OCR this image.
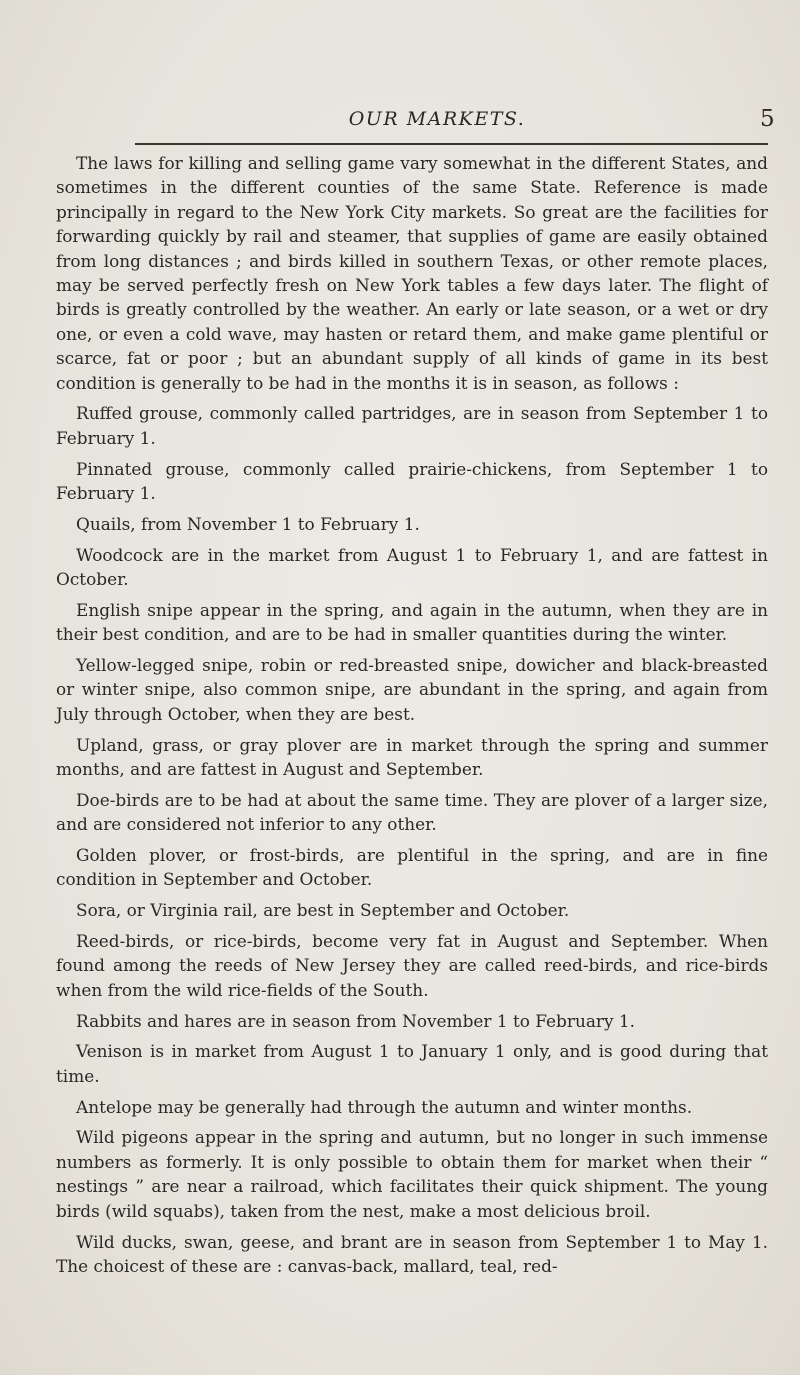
OUR MARKETS.	5

The laws for killing and selling game vary somewhat in the different States, and sometimes in the different counties of the same State. Reference is made principally in regard to the New York City markets. So great are the facilities for forwarding quickly by rail and steamer, that supplies of game are easily obtained from long distances ; and birds killed in southern Texas, or other remote places, may be served perfectly fresh on New York tables a few days later. The flight of birds is greatly controlled by the weather. An early or late season, or a wet or dry one, or even a cold wave, may hasten or retard them, and make game plentiful or scarce, fat or poor ; but an abundant supply of all kinds of game in its best condition is generally to be had in the months it is in season, as follows :

Ruffed grouse, commonly called partridges, are in season from September 1 to February 1.

Pinnated grouse, commonly called prairie-chickens, from September 1 to February 1.

Quails, from November 1 to February 1.

Woodcock are in the market from August 1 to February 1, and are fattest in October.

English snipe appear in the spring, and again in the autumn, when they are in their best condition, and are to be had in smaller quantities during the winter.

Yellow-legged snipe, robin or red-breasted snipe, dowicher and black-breasted or winter snipe, also common snipe, are abundant in the spring, and again from July through October, when they are best.

Upland, grass, or gray plover are in market through the spring and summer months, and are fattest in August and September.

Doe-birds are to be had at about the same time. They are plover of a larger size, and are considered not inferior to any other.

Golden plover, or frost-birds, are plentiful in the spring, and are in fine condition in September and October.

Sora, or Virginia rail, are best in September and October.

Reed-birds, or rice-birds, become very fat in August and September. When found among the reeds of New Jersey they are called reed-birds, and rice-birds when from the wild rice-fields of the South.

Rabbits and hares are in season from November 1 to February 1.

Venison is in market from August 1 to January 1 only, and is good during that time.

Antelope may be generally had through the autumn and winter months.

Wild pigeons appear in the spring and autumn, but no longer in such immense numbers as formerly. It is only possible to obtain them for market when their “ nestings ” are near a railroad, which facilitates their quick shipment. The young birds (wild squabs), taken from the nest, make a most delicious broil.

Wild ducks, swan, geese, and brant are in season from September 1 to May 1. The choicest of these are : canvas-back, mallard, teal, red-
